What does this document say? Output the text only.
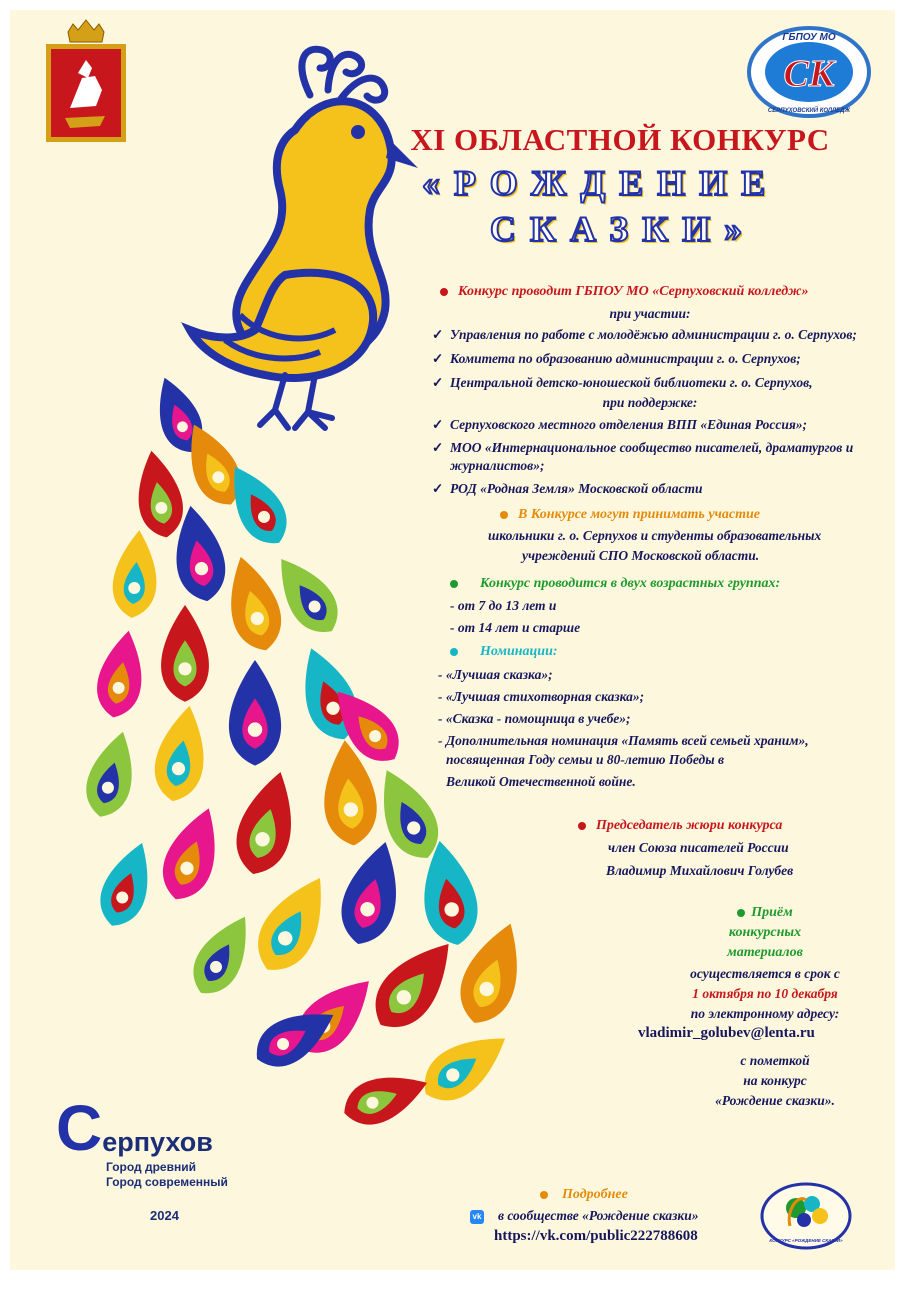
ГБПОУ МО
СК
СЕРПУХОВСКИЙ КОЛЛЕДЖ
XI ОБЛАСТНОЙ КОНКУРС
«РОЖДЕНИЕ
СКАЗКИ»
Конкурс проводит ГБПОУ МО «Серпуховский колледж»
при участии:
✓ Управления по работе с молодёжью администрации г. о. Серпухов;
✓ Комитета по образованию администрации г. о. Серпухов;
✓ Центральной детско-юношеской библиотеки г. о. Серпухов,
при поддержке:
✓ Серпуховского местного отделения ВПП «Единая Россия»;
✓ МОО «Интернациональное сообщество писателей, драматургов и
журналистов»;
✓ РОД «Родная Земля» Московской области
В Конкурсе могут принимать участие
школьники г. о. Серпухов и студенты образовательных
учреждений СПО Московской области.
Конкурс проводится в двух возрастных группах:
- от 7 до 13 лет и
- от 14 лет и старше
Номинации:
- «Лучшая сказка»;
- «Лучшая стихотворная сказка»;
- «Сказка - помощница в учебе»;
- Дополнительная номинация «Память всей семьей храним»,
посвященная Году семьи и 80-летию Победы в
Великой Отечественной войне.
Председатель жюри конкурса
член Союза писателей России
Владимир Михайлович Голубев
Приём
конкурсных
материалов
осуществляется в срок с
1 октября по 10 декабря
по электронному адресу:
vladimir_golubev@lenta.ru
с пометкой
на конкурс
«Рождение сказки».
Серпухов
Город древний
Город современный
2024
Подробнее
vk в сообществе «Рождение сказки»
https://vk.com/public222788608	КОНКУРС «РОЖДЕНИЕ СКАЗКИ»
